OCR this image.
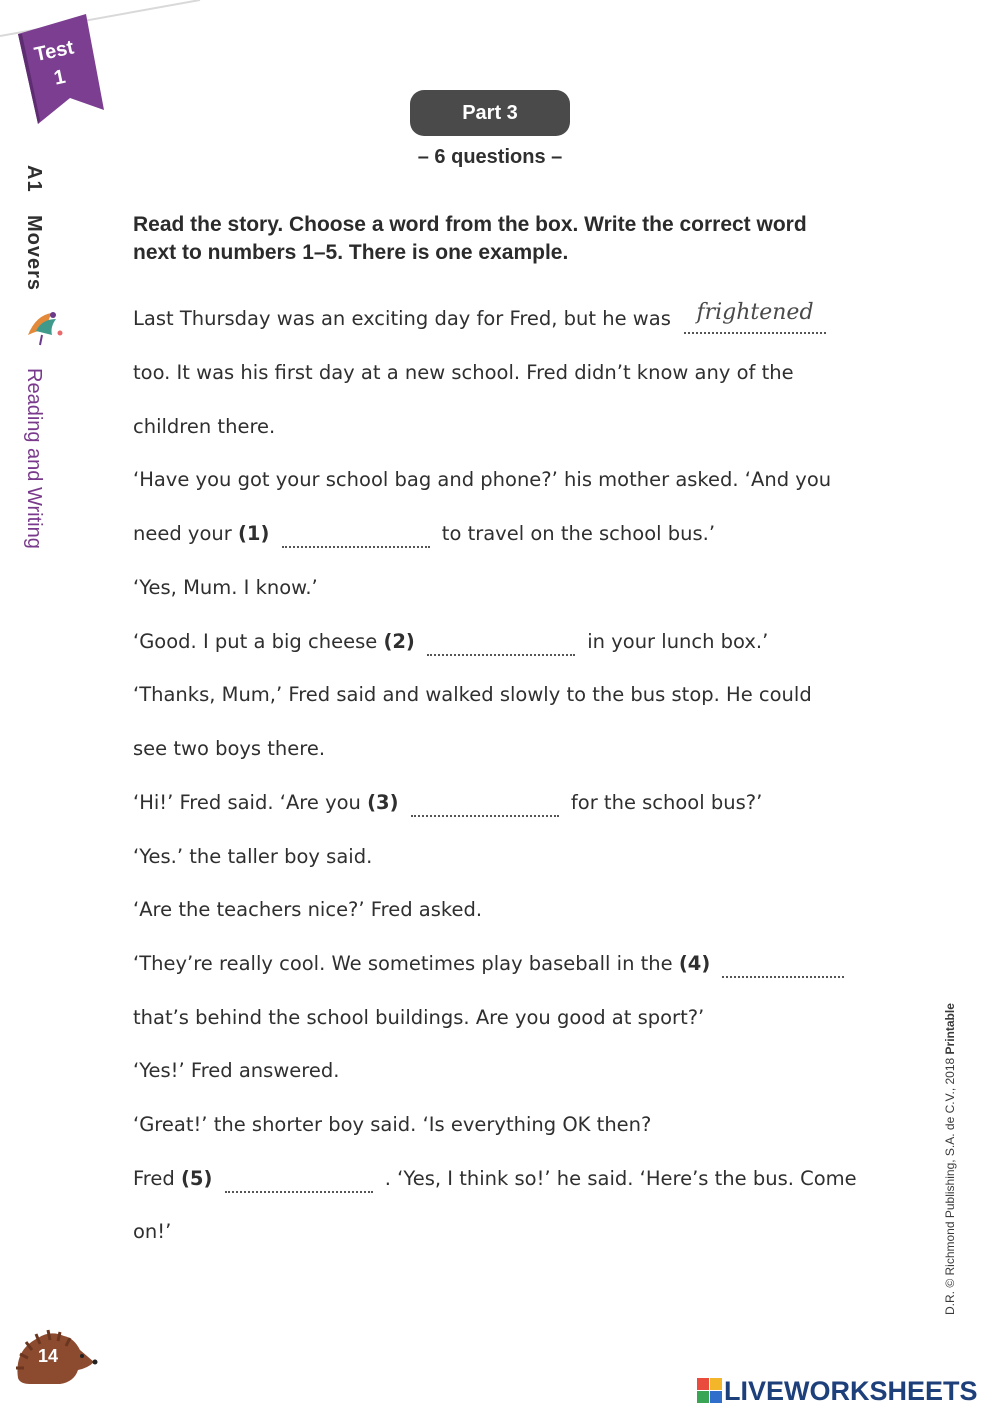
Test
1
A1 Movers
Reading and Writing
Part 3
– 6 questions –
Read the story. Choose a word from the box. Write the correct word next to numbers 1–5. There is one example.
Last Thursday was an exciting day for Fred, but he was	frightened
too. It was his first day at a new school. Fred didn’t know any of the
children there.
‘Have you got your school bag and phone?’ his mother asked. ‘And you
need your (1)	to travel on the school bus.’
‘Yes, Mum. I know.’
‘Good. I put a big cheese (2)	in your lunch box.’
‘Thanks, Mum,’ Fred said and walked slowly to the bus stop. He could
see two boys there.
‘Hi!’ Fred said. ‘Are you (3)	for the school bus?’
‘Yes.’ the taller boy said.
‘Are the teachers nice?’ Fred asked.
‘They’re really cool. We sometimes play baseball in the (4)
that’s behind the school buildings. Are you good at sport?’
‘Yes!’ Fred answered.
‘Great!’ the shorter boy said. ‘Is everything OK then?
Fred (5)	. ‘Yes, I think so!’ he said. ‘Here’s the bus. Come
on!’	D.R. © Richmond Publishing, S.A. de C.V., 2018 Printable
14
LIVEWORKSHEETS
